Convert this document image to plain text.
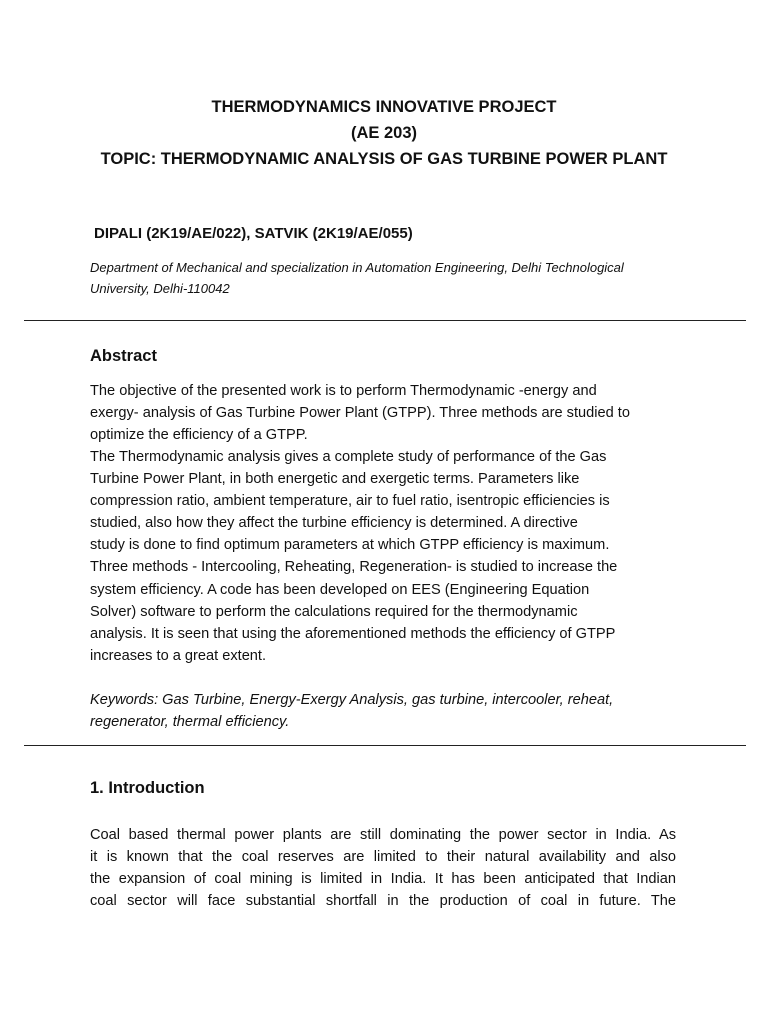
THERMODYNAMICS INNOVATIVE PROJECT
(AE 203)
TOPIC: THERMODYNAMIC ANALYSIS OF GAS TURBINE POWER PLANT
DIPALI (2K19/AE/022), SATVIK (2K19/AE/055)
Department of Mechanical and specialization in Automation Engineering, Delhi Technological
University, Delhi-110042
Abstract
The objective of the presented work is to perform Thermodynamic -energy and
exergy- analysis of Gas Turbine Power Plant (GTPP). Three methods are studied to
optimize the efficiency of a GTPP.
The Thermodynamic analysis gives a complete study of performance of the Gas
Turbine Power Plant, in both energetic and exergetic terms. Parameters like
compression ratio, ambient temperature, air to fuel ratio, isentropic efficiencies is
studied, also how they affect the turbine efficiency is determined. A directive
study is done to find optimum parameters at which GTPP efficiency is maximum.
Three methods - Intercooling, Reheating, Regeneration- is studied to increase the
system efficiency. A code has been developed on EES (Engineering Equation
Solver) software to perform the calculations required for the thermodynamic
analysis. It is seen that using the aforementioned methods the efficiency of GTPP
increases to a great extent.
Keywords: Gas Turbine, Energy-Exergy Analysis, gas turbine, intercooler, reheat,
regenerator, thermal efficiency.
1. Introduction
Coal based thermal power plants are still dominating the power sector in India. As
it is known that the coal reserves are limited to their natural availability and also
the expansion of coal mining is limited in India. It has been anticipated that Indian
coal sector will face substantial shortfall in the production of coal in future. The
